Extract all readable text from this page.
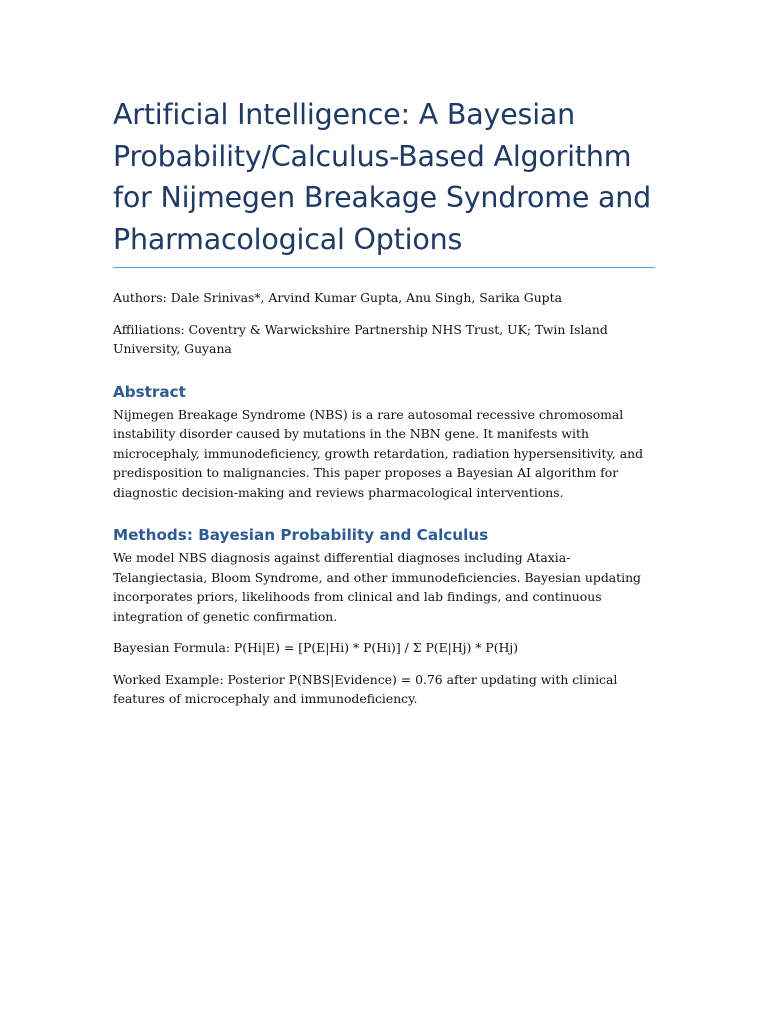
Artificial Intelligence: A Bayesian Probability/Calculus-Based Algorithm for Nijmegen Breakage Syndrome and Pharmacological Options

Authors: Dale Srinivas*, Arvind Kumar Gupta, Anu Singh, Sarika Gupta

Affiliations: Coventry & Warwickshire Partnership NHS Trust, UK; Twin Island University, Guyana

Abstract

Nijmegen Breakage Syndrome (NBS) is a rare autosomal recessive chromosomal instability disorder caused by mutations in the NBN gene. It manifests with microcephaly, immunodeficiency, growth retardation, radiation hypersensitivity, and predisposition to malignancies. This paper proposes a Bayesian AI algorithm for diagnostic decision-making and reviews pharmacological interventions.

Methods: Bayesian Probability and Calculus

We model NBS diagnosis against differential diagnoses including Ataxia-Telangiectasia, Bloom Syndrome, and other immunodeficiencies. Bayesian updating incorporates priors, likelihoods from clinical and lab findings, and continuous integration of genetic confirmation.

Bayesian Formula: P(Hi|E) = [P(E|Hi) * P(Hi)] / Σ P(E|Hj) * P(Hj)

Worked Example: Posterior P(NBS|Evidence) = 0.76 after updating with clinical features of microcephaly and immunodeficiency.
